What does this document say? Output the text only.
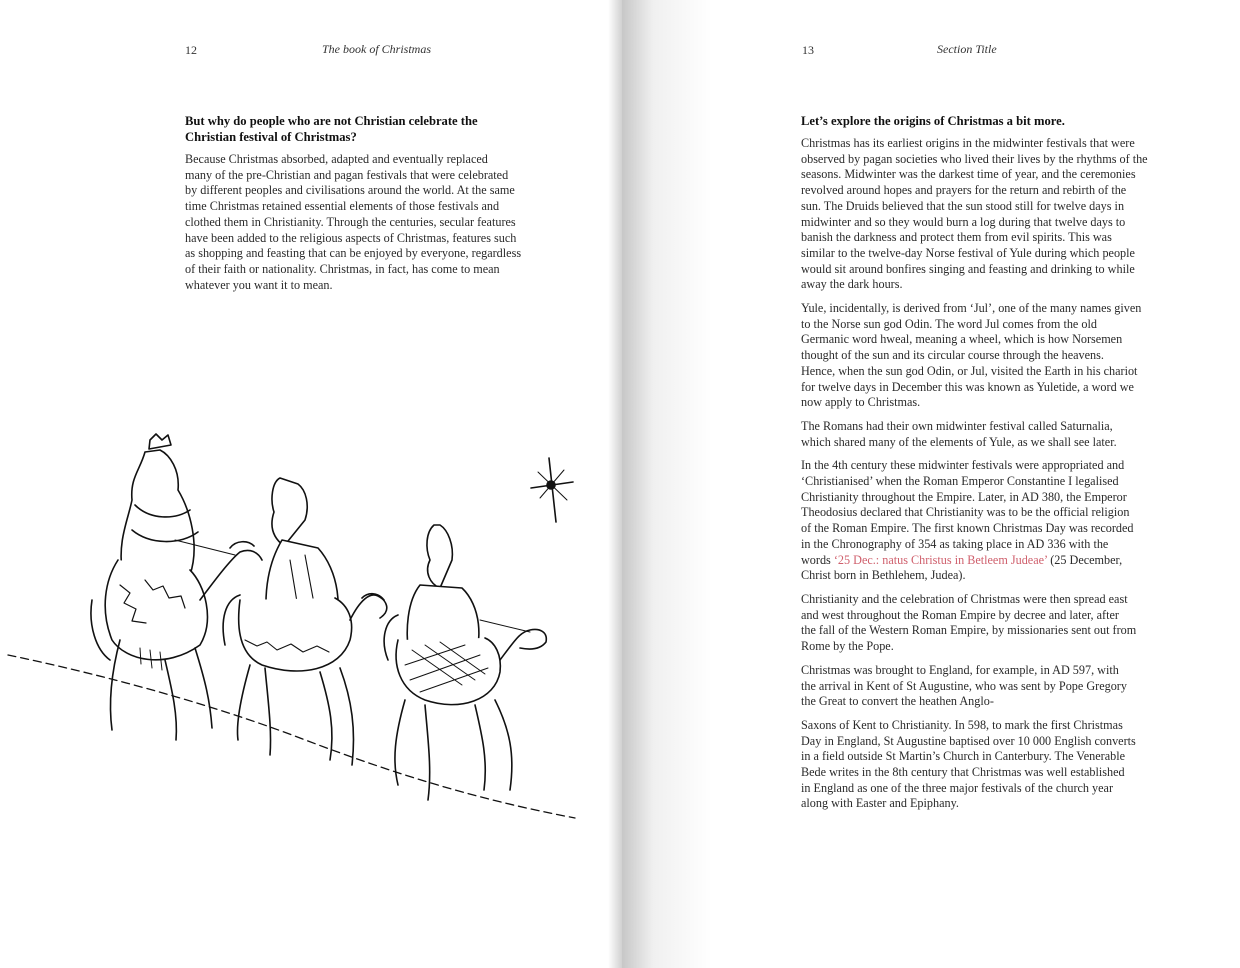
12	The book of Christmas
But why do people who are not Christian celebrate the
Christian festival of Christmas?

Because Christmas absorbed, adapted and eventually replaced
many of the pre-Christian and pagan festivals that were celebrated
by different peoples and civilisations around the world. At the same
time Christmas retained essential elements of those festivals and
clothed them in Christianity. Through the centuries, secular features
have been added to the religious aspects of Christmas, features such
as shopping and feasting that can be enjoyed by everyone, regardless
of their faith or nationality. Christmas, in fact, has come to mean
whatever you want it to mean.

13	Section Title
Let’s explore the origins of Christmas a bit more.

Christmas has its earliest origins in the midwinter festivals that were
observed by pagan societies who lived their lives by the rhythms of the
seasons. Midwinter was the darkest time of year, and the ceremonies
revolved around hopes and prayers for the return and rebirth of the
sun. The Druids believed that the sun stood still for twelve days in
midwinter and so they would burn a log during that twelve days to
banish the darkness and protect them from evil spirits. This was
similar to the twelve-day Norse festival of Yule during which people
would sit around bonfires singing and feasting and drinking to while
away the dark hours.

Yule, incidentally, is derived from ‘Jul’, one of the many names given
to the Norse sun god Odin. The word Jul comes from the old
Germanic word hweal, meaning a wheel, which is how Norsemen
thought of the sun and its circular course through the heavens.
Hence, when the sun god Odin, or Jul, visited the Earth in his chariot
for twelve days in December this was known as Yuletide, a word we
now apply to Christmas.

The Romans had their own midwinter festival called Saturnalia,
which shared many of the elements of Yule, as we shall see later.

In the 4th century these midwinter festivals were appropriated and
‘Christianised’ when the Roman Emperor Constantine I legalised
Christianity throughout the Empire. Later, in AD 380, the Emperor
Theodosius declared that Christianity was to be the official religion
of the Roman Empire. The first known Christmas Day was recorded
in the Chronography of 354 as taking place in AD 336 with the
words ‘25 Dec.: natus Christus in Betleem Judeae’ (25 December,
Christ born in Bethlehem, Judea).

Christianity and the celebration of Christmas were then spread east
and west throughout the Roman Empire by decree and later, after
the fall of the Western Roman Empire, by missionaries sent out from
Rome by the Pope.

Christmas was brought to England, for example, in AD 597, with
the arrival in Kent of St Augustine, who was sent by Pope Gregory
the Great to convert the heathen Anglo-

Saxons of Kent to Christianity. In 598, to mark the first Christmas
Day in England, St Augustine baptised over 10 000 English converts
in a field outside St Martin’s Church in Canterbury. The Venerable
Bede writes in the 8th century that Christmas was well established
in England as one of the three major festivals of the church year
along with Easter and Epiphany.
